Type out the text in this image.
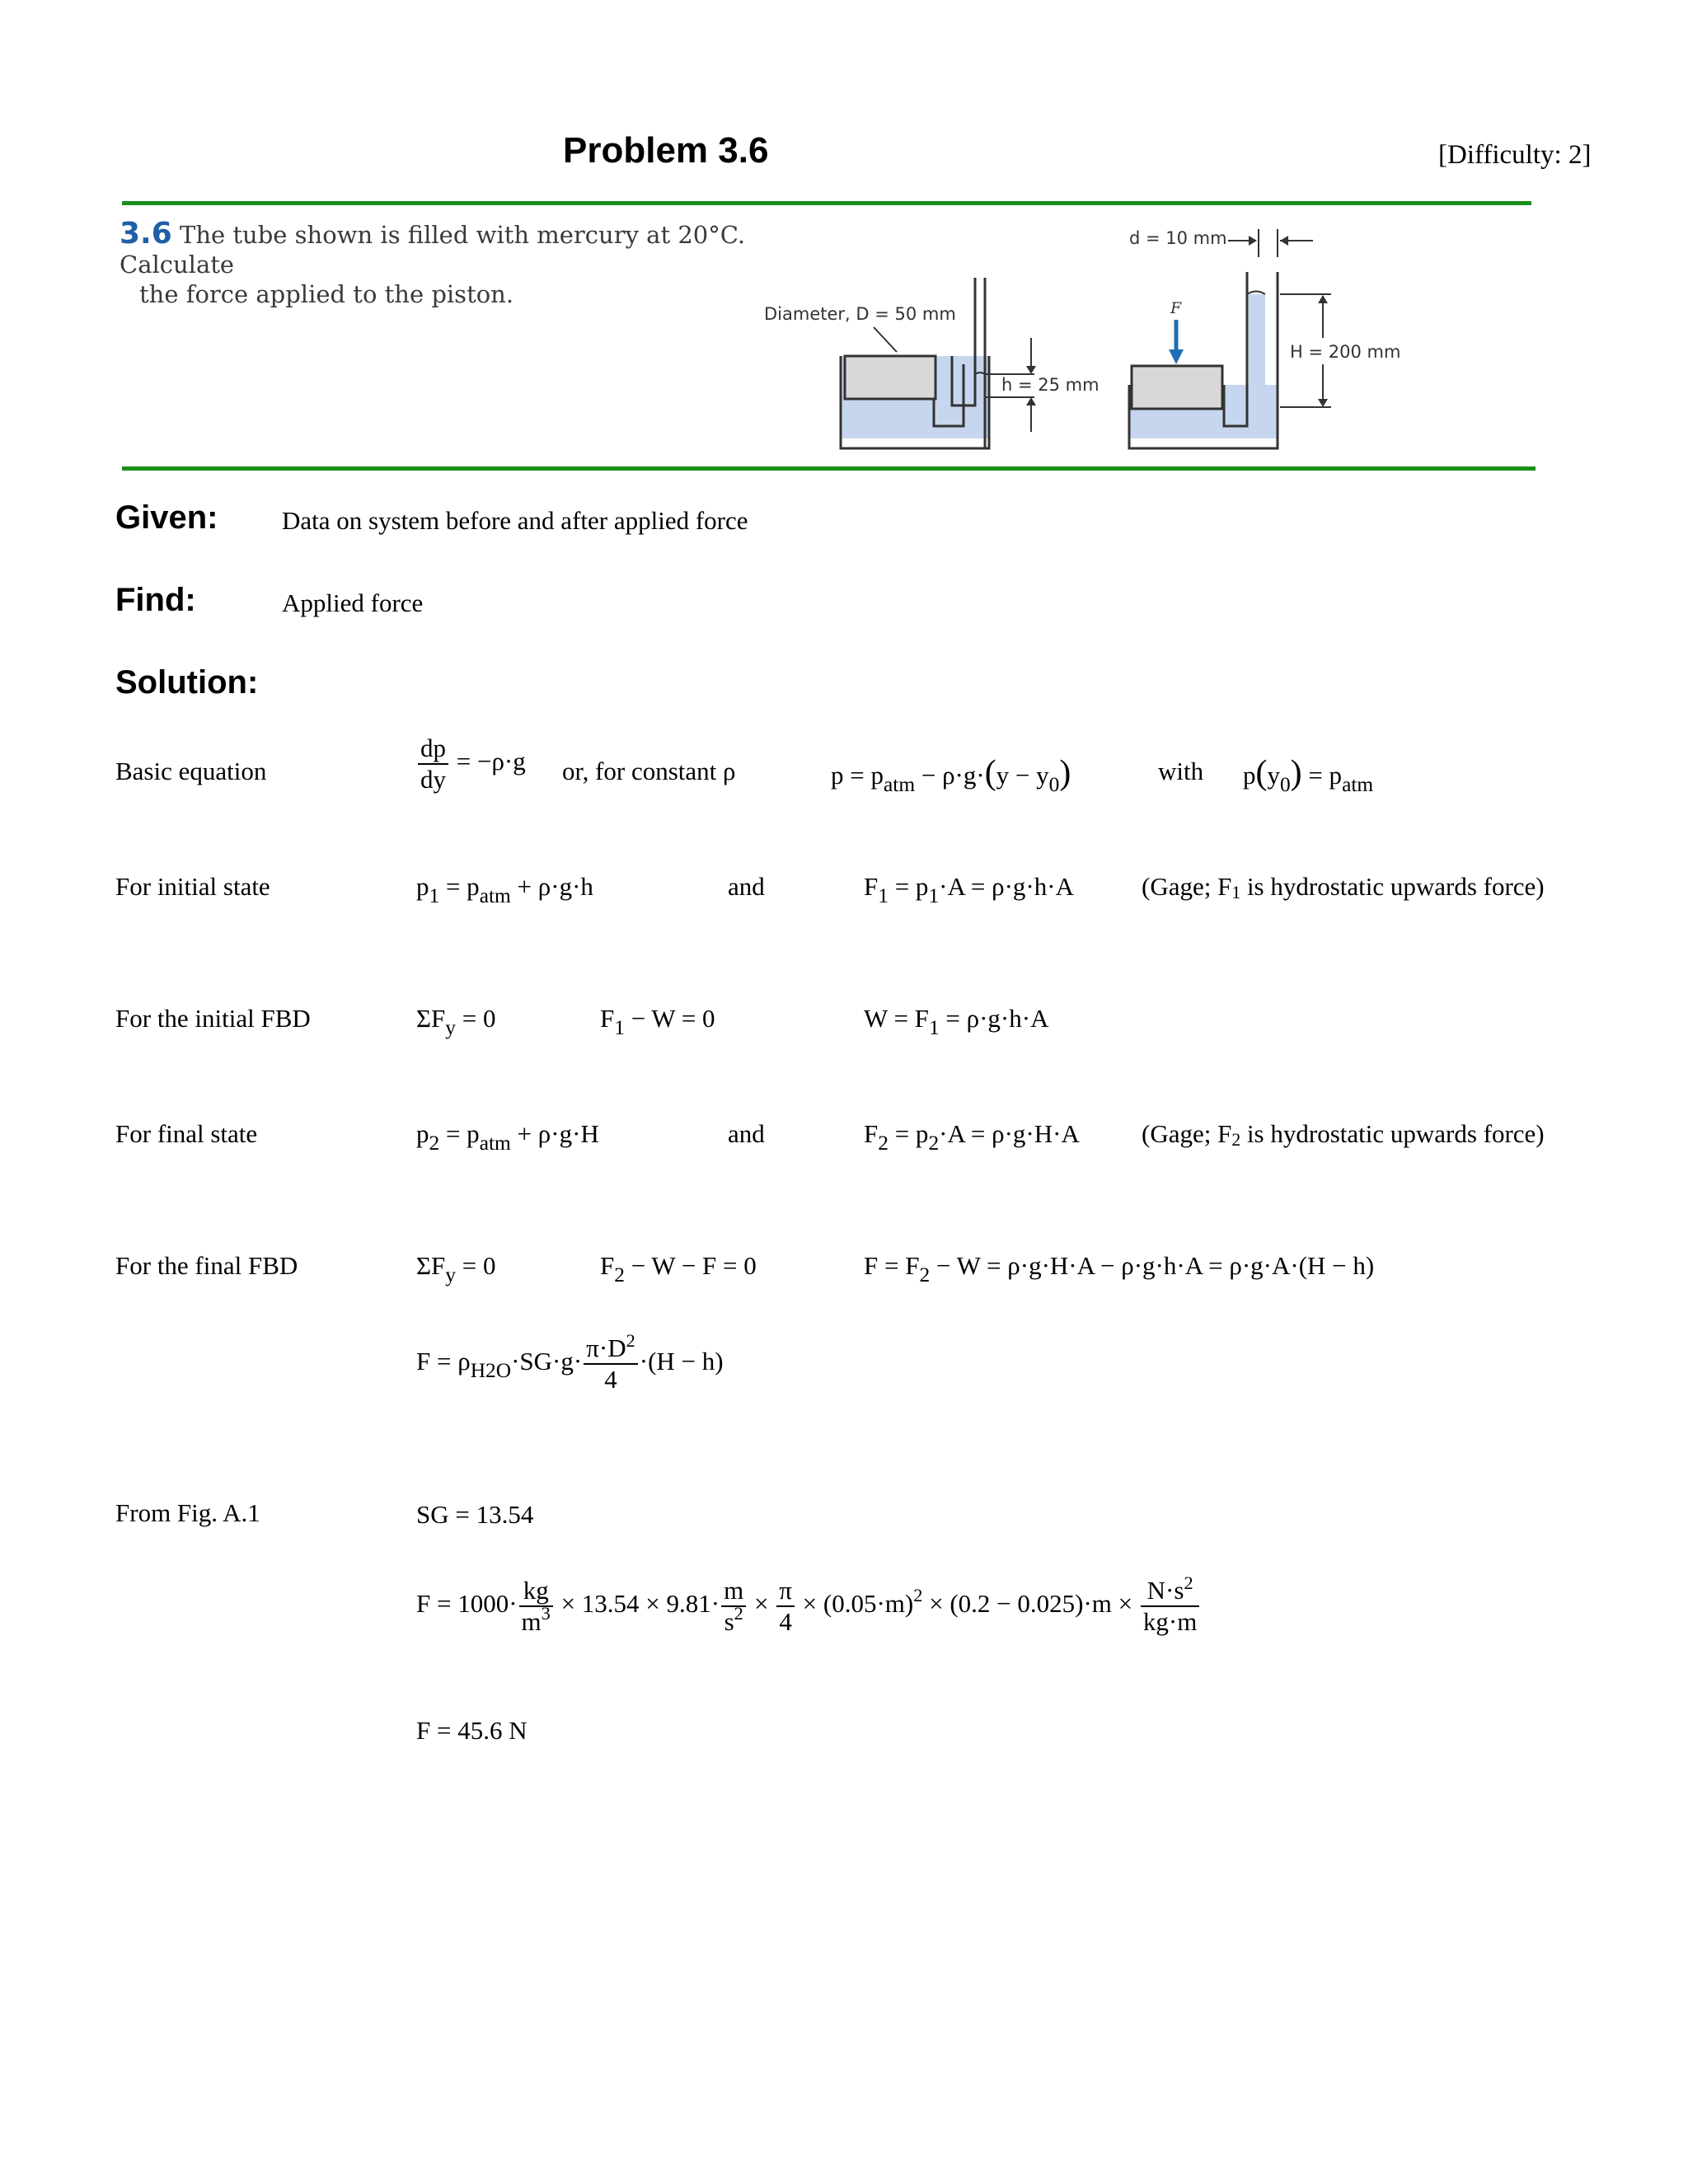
Problem 3.6	[Difficulty: 2]
3.6 The tube shown is filled with mercury at 20°C. Calculate
the force applied to the piston.
h = 25 mm
Diameter, D = 50 mm	F
d = 10 mm
H = 200 mm
Given:	Data on system before and after applied force
Find:	Applied force
Solution:
Basic equation	$\frac{dp}{dy} = -\rho\cdot g$ or, for constant ρ	$p = p_{atm} - \rho\cdot g\cdot(y - y_0)$	with $p(y_0) = p_{atm}$
For initial state	$p_1 = p_{atm} + \rho\cdot g\cdot h$	and	$F_1 = p_1\cdot A = \rho\cdot g\cdot h\cdot A$	(Gage; F1 is hydrostatic upwards force)
For the initial FBD	$\Sigma F_y = 0$	$F_1 - W = 0$	$W = F_1 = \rho\cdot g\cdot h\cdot A$
For final state	$p_2 = p_{atm} + \rho\cdot g\cdot H$	and	$F_2 = p_2\cdot A = \rho\cdot g\cdot H\cdot A$ (Gage; F2 is hydrostatic upwards force)
For the final FBD	$\Sigma F_y = 0$	$F_2 - W - F = 0$	$F = F_2 - W = \rho\cdot g\cdot H\cdot A - \rho\cdot g\cdot h\cdot A = \rho\cdot g\cdot A\cdot(H - h)$
$F = \rho_{H2O}\cdot SG\cdot g\cdot \frac{\pi\cdot D^2}{4} \cdot(H - h)$
From Fig. A.1	SG = 13.54
$F = 1000\cdot \frac{kg}{m^3} \times 13.54 \times 9.81\cdot \frac{m}{s^2} \times \frac{\pi}{4} \times (0.05\cdot m)^2 \times (0.2 - 0.025)\cdot m \times \frac{N\cdot s^2}{kg\cdot m}$
F = 45.6 N
